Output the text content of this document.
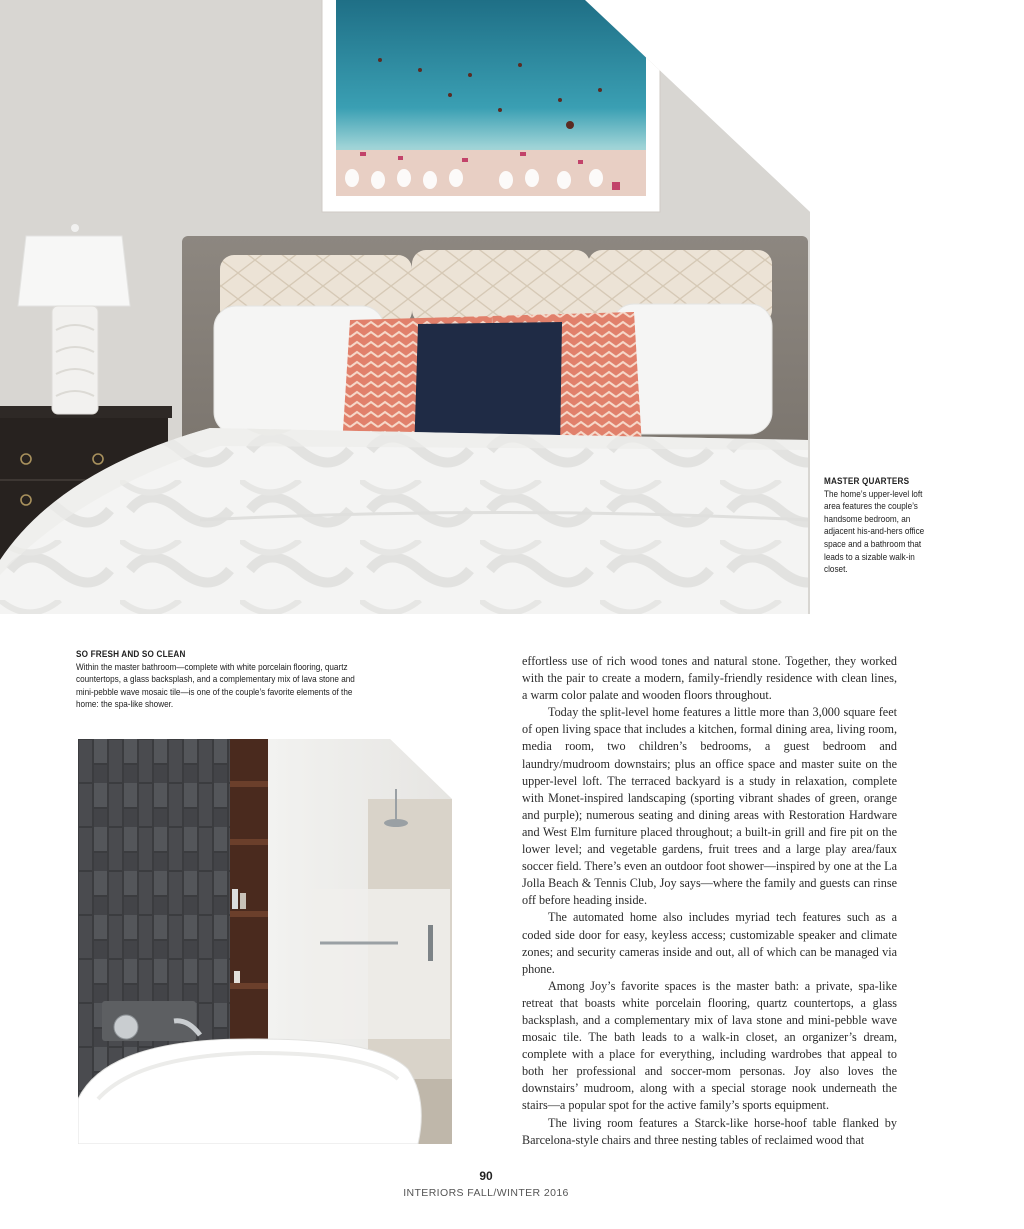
MASTER QUARTERS
The home’s upper-level loft area features the couple’s handsome bedroom, an adjacent his-and-hers office space and a bathroom that leads to a sizable walk-in closet.
SO FRESH AND SO CLEAN
Within the master bathroom—complete with white porcelain flooring, quartz countertops, a glass backsplash, and a complementary mix of lava stone and mini-pebble wave mosaic tile—is one of the couple’s favorite elements of the home: the spa-like shower.

effortless use of rich wood tones and natural stone. Together, they worked with the pair to create a modern, family-friendly residence with clean lines, a warm color palate and wooden floors throughout.

Today the split-level home features a little more than 3,000 square feet of open living space that includes a kitchen, formal dining area, living room, media room, two children’s bedrooms, a guest bedroom and laundry/mudroom downstairs; plus an office space and master suite on the upper-level loft. The terraced backyard is a study in relaxation, complete with Monet-inspired landscaping (sporting vibrant shades of green, orange and purple); numerous seating and dining areas with Restoration Hardware and West Elm furniture placed throughout; a built-in grill and fire pit on the lower level; and vegetable gardens, fruit trees and a large play area/faux soccer field. There’s even an outdoor foot shower—inspired by one at the La Jolla Beach & Tennis Club, Joy says—where the family and guests can rinse off before heading inside.

The automated home also includes myriad tech features such as a coded side door for easy, keyless access; customizable speaker and climate zones; and security cameras inside and out, all of which can be managed via phone.

Among Joy’s favorite spaces is the master bath: a private, spa-like retreat that boasts white porcelain flooring, quartz countertops, a glass backsplash, and a complementary mix of lava stone and mini-pebble wave mosaic tile. The bath leads to a walk-in closet, an organizer’s dream, complete with a place for everything, including wardrobes that appeal to both her professional and soccer-mom personas. Joy also loves the downstairs’ mudroom, along with a special storage nook underneath the stairs—a popular spot for the active family’s sports equipment.

The living room features a Starck-like horse-hoof table flanked by Barcelona-style chairs and three nesting tables of reclaimed wood that

90
INTERIORS FALL/WINTER 2016
